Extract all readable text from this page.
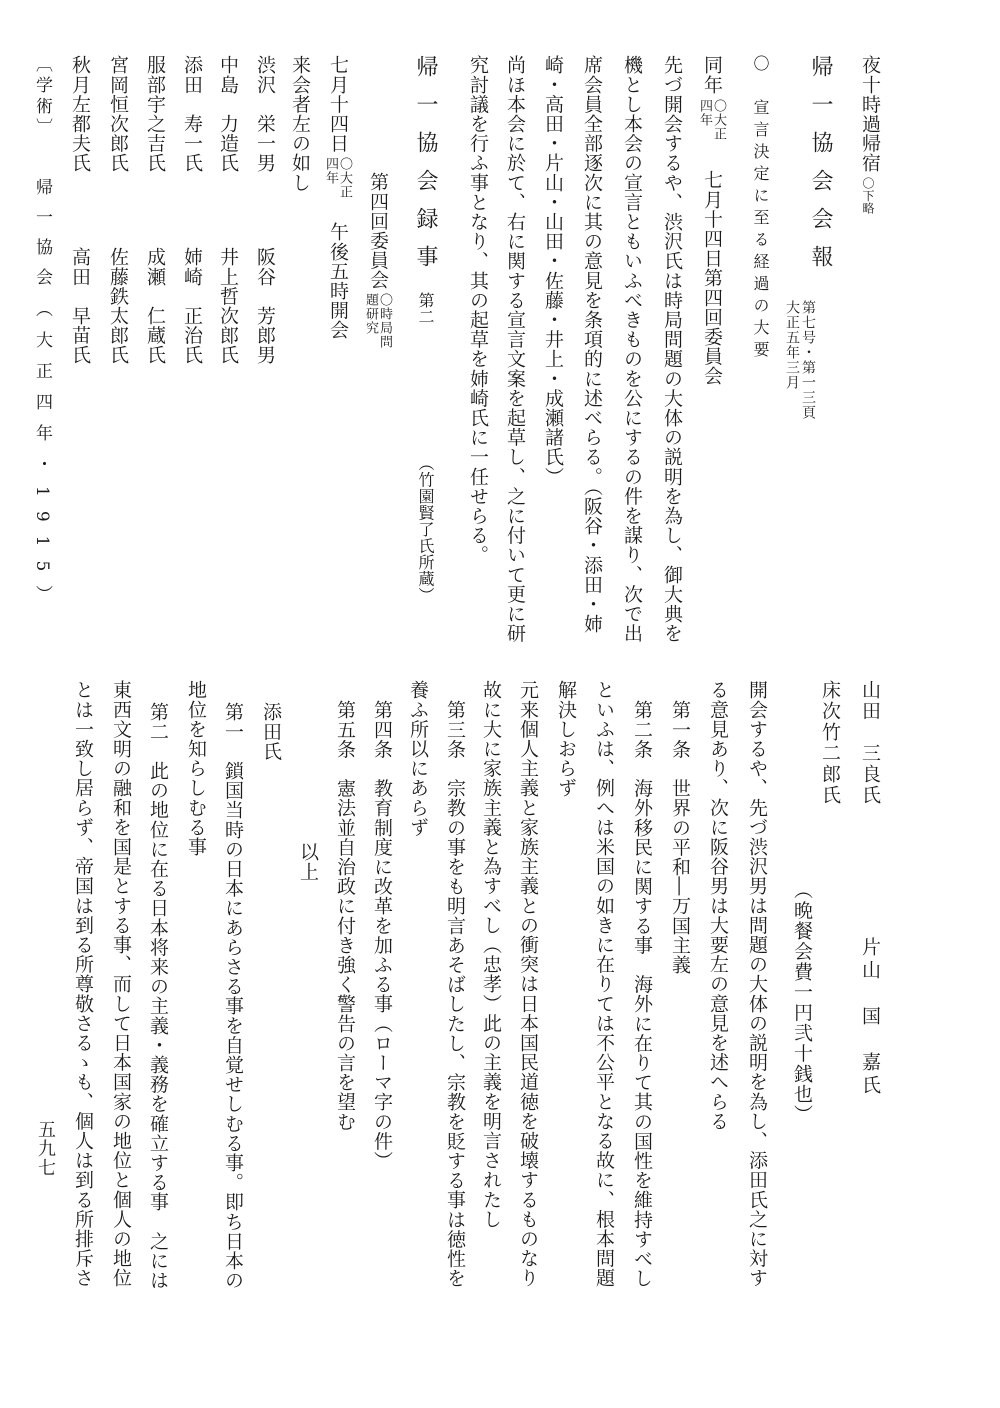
夜十時過帰宿
〇下略
帰一協会会報
第七号・第一三頁
大正五年三月
〇　宣言決定に至る経過の大要
同年
〇大正
四年
七月十四日第四回委員会
先づ開会するや、渋沢氏は時局問題の大体の説明を為し、御大典を
機とし本会の宣言ともいふべきものを公にするの件を謀り、次で出
席会員全部逐次に其の意見を条項的に述べらる。（阪谷・添田・姉
崎・高田・片山・山田・佐藤・井上・成瀬諸氏）
尚ほ本会に於て、右に関する宣言文案を起草し、之に付いて更に研
究討議を行ふ事となり、其の起草を姉崎氏に一任せらる。
帰一協会録事
第二
（竹園賢了氏所蔵）
第四回委員会
〇時局問
題研究
七月十四日
〇大正
四年
午後五時開会
来会者左の如し
渋沢　栄一男
阪谷　芳郎男
中島　力造氏
井上哲次郎氏
添田　寿一氏
姉崎　正治氏
服部宇之吉氏
成瀬　仁蔵氏
宮岡恒次郎氏
佐藤鉄太郎氏
秋月左都夫氏
高田　早苗氏
〔学術〕
帰一協会
（大正四年・1915）
山田　三良氏
片山　国　嘉氏
床次竹二郎氏
（晩餐会費一円弐十銭也）
開会するや、先づ渋沢男は問題の大体の説明を為し、添田氏之に対す
る意見あり、次に阪谷男は大要左の意見を述へらる
第一条　世界の平和―万国主義
第二条　海外移民に関する事　海外に在りて其の国性を維持すべし
といふは、例へは米国の如きに在りては不公平となる故に、根本問題
解決しおらず
元来個人主義と家族主義との衝突は日本国民道徳を破壊するものなり
故に大に家族主義と為すべし（忠孝）此の主義を明言されたし
第三条　宗教の事をも明言あそばしたし、宗教を貶する事は徳性を
養ふ所以にあらず
第四条　教育制度に改革を加ふる事（ローマ字の件）
第五条　憲法並自治政に付き強く警告の言を望む
以上
添田氏
第一　鎖国当時の日本にあらさる事を自覚せしむる事。即ち日本の
地位を知らしむる事
第二　此の地位に在る日本将来の主義・義務を確立する事　之には
東西文明の融和を国是とする事、而して日本国家の地位と個人の地位
とは一致し居らず、帝国は到る所尊敬さるゝも、個人は到る所排斥さ
五九七
